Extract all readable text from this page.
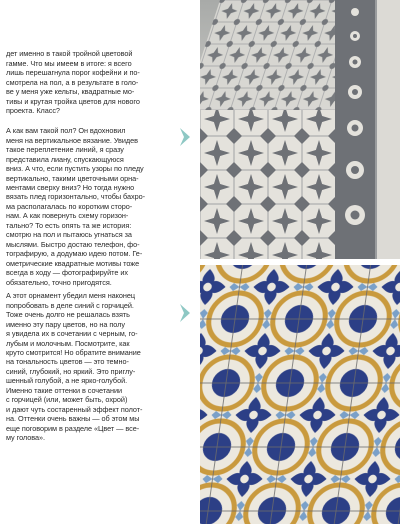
дет именно в такой тройной цветовой
гамме. Что мы имеем в итоге: я всего
лишь перешагнула порог кофейни и по-
смотрела на пол, а в результате в голо-
ве у меня уже кельты, квадратные мо-
тивы и крутая тройка цветов для нового
проекта. Класс?

А как вам такой пол? Он вдохновил
меня на вертикальное вязание. Увидев
такое переплетение линий, я сразу
представила лиану, спускающуюся
вниз. А что, если пустить узоры по пледу
вертикально, такими цветочными орна-
ментами сверху вниз? Но тогда нужно
вязать плед горизонтально, чтобы бахро-
ма располагалась по коротким сторо-
нам. А как повернуть схему горизон-
тально? То есть опять та же история:
смотрю на пол и пытаюсь угнаться за
мыслями. Быстро достаю телефон, фо-
тографирую, а додумаю идею потом. Ге-
ометрические квадратные мотивы тоже
всегда в ходу — фотографируйте их
обязательно, точно пригодятся.

А этот орнамент убедил меня наконец
попробовать в деле синий с горчицей.
Тоже очень долго не решалась взять
именно эту пару цветов, но на полу
я увидела их в сочетании с черным, го-
лубым и молочным. Посмотрите, как
круто смотрится! Но обратите внимание
на тональность цветов — это темно-
синий, глубокий, но яркий. Это приглу-
шенный голубой, а не ярко-голубой.
Именно такие оттенки в сочетании
с горчицей (или, может быть, охрой)
и дают чуть состаренный эффект полот-
на. Оттенки очень важны — об этом мы
еще поговорим в разделе «Цвет — все-
му голова».
